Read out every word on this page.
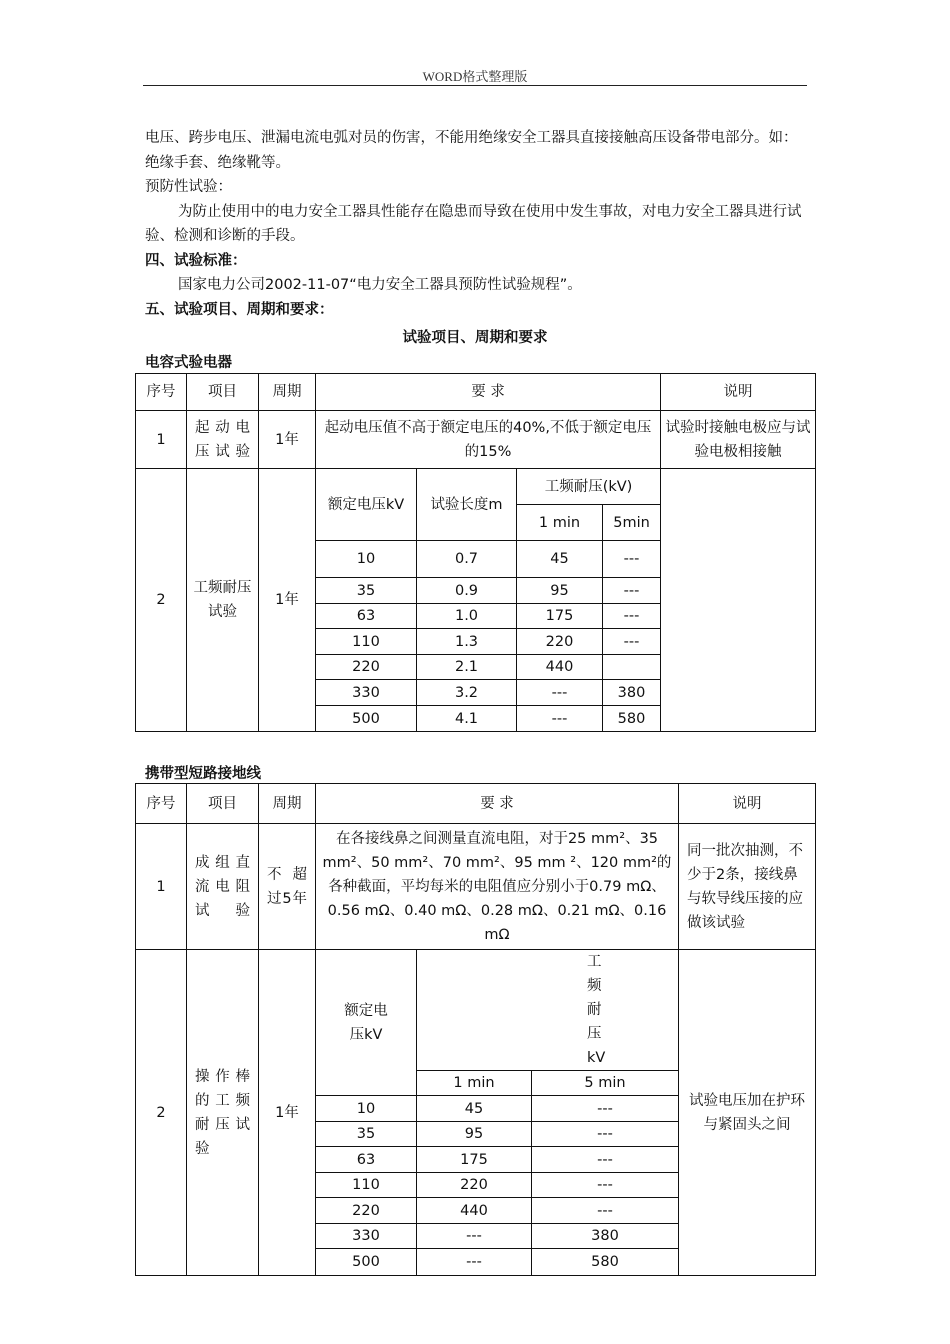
WORD格式整理版

电压、跨步电压、泄漏电流电弧对员的伤害，不能用绝缘安全工器具直接接触高压设备带电部分。如：绝缘手套、绝缘靴等。

预防性试验：

为防止使用中的电力安全工器具性能存在隐患而导致在使用中发生事故，对电力安全工器具进行试验、检测和诊断的手段。

四、试验标准：

国家电力公司2002-11-07“电力安全工器具预防性试验规程”。

五、试验项目、周期和要求：

试验项目、周期和要求
电容式验电器
序号	项目	周期	要 求				说明
1	起动电压试验	1年	起动电压值不高于额定电压的40%,不低于额定电压的15%				试验时接触电极应与试验电极相接触
2	工频耐压试验	1年	额定电压kV	试验长度m	工频耐压(kV)		
					1 min	5min	
			10	0.7	45	---	
			35	0.9	95	---	
			63	1.0	175	---	
			110	1.3	220	---	
			220	2.1	440		
			330	3.2	---	380	
			500	4.1	---	580	
携带型短路接地线
序号	项目	周期	要 求			说明
1	成组直流电阻试验	不超过5年	在各接线鼻之间测量直流电阻，对于25 mm²、35 mm²、50 mm²、70 mm²、95 mm ²、120 mm²的各种截面，平均每米的电阻值应分别小于0.79 mΩ、0.56 mΩ、0.40 mΩ、0.28 mΩ、0.21 mΩ、0.16 mΩ			同一批次抽测，不少于2条，接线鼻与软导线压接的应做该试验
2	操作棒的工频耐压试验	1年	额定电压kV	工频耐压kV		试验电压加在护环与紧固头之间
				1 min	5 min	
			10	45	---	
			35	95	---	
			63	175	---	
			110	220	---	
			220	440	---	
			330	---	380	
			500	---	580	
